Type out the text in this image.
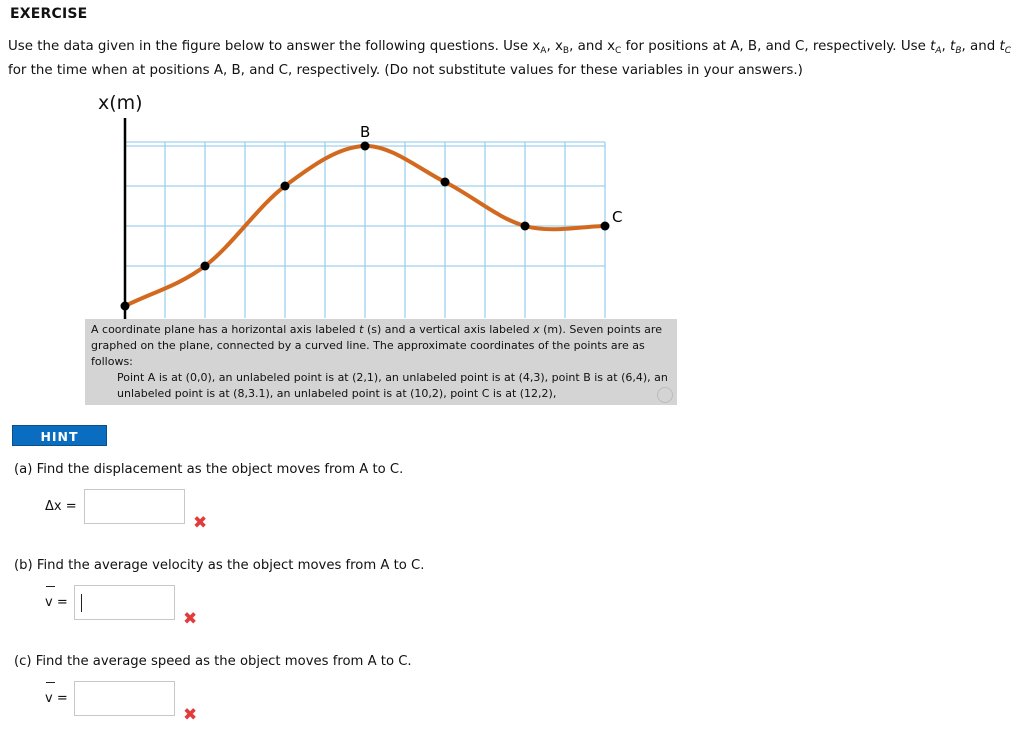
EXERCISE
Use the data given in the figure below to answer the following questions. Use $x_A$, $x_B$, and $x_C$ for positions at A, B, and C, respectively. Use $t_A$, $t_B$, and $t_C$ for the time when at positions A, B, and C, respectively. (Do not substitute values for these variables in your answers.)
x(m)
B
C
A coordinate plane has a horizontal axis labeled t (s) and a vertical axis labeled x (m). Seven points are graphed on the plane, connected by a curved line. The approximate coordinates of the points are as follows:
Point A is at (0,0), an unlabeled point is at (2,1), an unlabeled point is at (4,3), point B is at (6,4), an unlabeled point is at (8,3.1), an unlabeled point is at (10,2), point C is at (12,2),
HINT
(a) Find the displacement as the object moves from A to C.
Δx =
✖
(b) Find the average velocity as the object moves from A to C.
v =
✖
(c) Find the average speed as the object moves from A to C.
v =
✖
